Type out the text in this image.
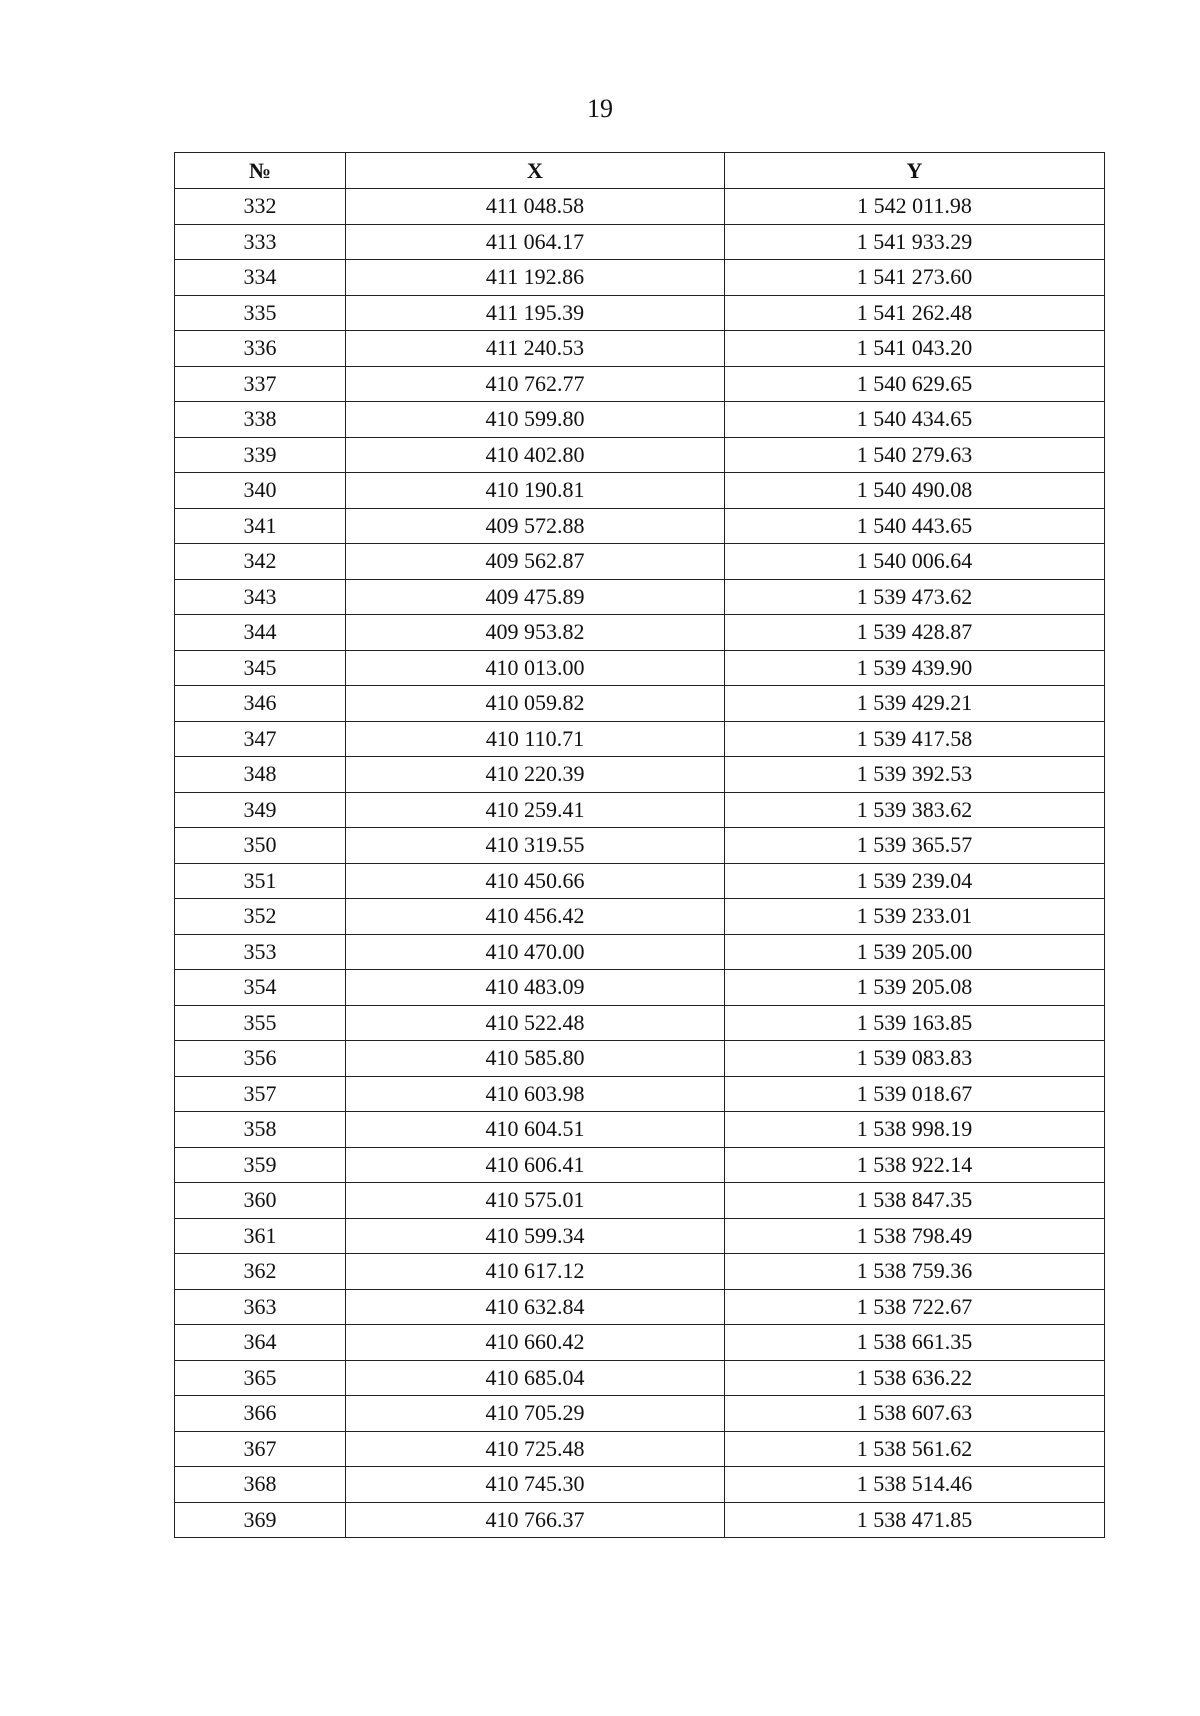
19
№	X	Y
332	411 048.58	1 542 011.98
333	411 064.17	1 541 933.29
334	411 192.86	1 541 273.60
335	411 195.39	1 541 262.48
336	411 240.53	1 541 043.20
337	410 762.77	1 540 629.65
338	410 599.80	1 540 434.65
339	410 402.80	1 540 279.63
340	410 190.81	1 540 490.08
341	409 572.88	1 540 443.65
342	409 562.87	1 540 006.64
343	409 475.89	1 539 473.62
344	409 953.82	1 539 428.87
345	410 013.00	1 539 439.90
346	410 059.82	1 539 429.21
347	410 110.71	1 539 417.58
348	410 220.39	1 539 392.53
349	410 259.41	1 539 383.62
350	410 319.55	1 539 365.57
351	410 450.66	1 539 239.04
352	410 456.42	1 539 233.01
353	410 470.00	1 539 205.00
354	410 483.09	1 539 205.08
355	410 522.48	1 539 163.85
356	410 585.80	1 539 083.83
357	410 603.98	1 539 018.67
358	410 604.51	1 538 998.19
359	410 606.41	1 538 922.14
360	410 575.01	1 538 847.35
361	410 599.34	1 538 798.49
362	410 617.12	1 538 759.36
363	410 632.84	1 538 722.67
364	410 660.42	1 538 661.35
365	410 685.04	1 538 636.22
366	410 705.29	1 538 607.63
367	410 725.48	1 538 561.62
368	410 745.30	1 538 514.46
369	410 766.37	1 538 471.85
